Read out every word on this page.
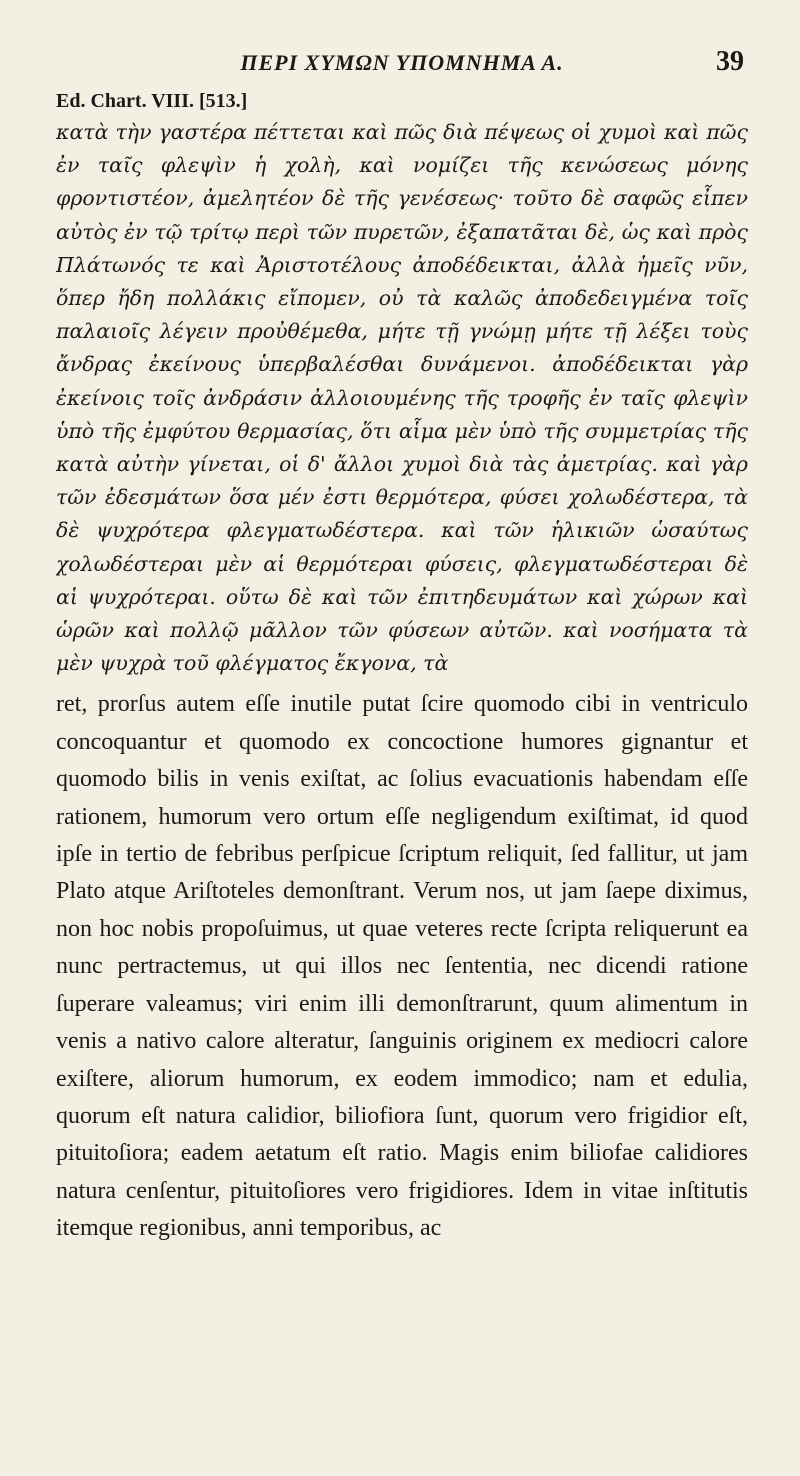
ΠΕΡΙ ΧΥΜΩΝ ΥΠΟΜΝΗΜΑ Α.	39
Ed. Chart. VIII. [513.]

κατὰ τὴν γαστέρα πέττεται καὶ πῶς διὰ πέψεως οἱ χυμοὶ καὶ πῶς ἐν ταῖς φλεψὶν ἡ χολὴ, καὶ νομίζει τῆς κενώσεως μόνης φροντιστέον, ἀμελητέον δὲ τῆς γενέσεως· τοῦτο δὲ σαφῶς εἶπεν αὐτὸς ἐν τῷ τρίτῳ περὶ τῶν πυρετῶν, ἐξαπατᾶται δὲ, ὡς καὶ πρὸς Πλάτωνός τε καὶ Ἀριστοτέλους ἀποδέδεικται, ἀλλὰ ἡμεῖς νῦν, ὅπερ ἤδη πολλάκις εἴπομεν, οὐ τὰ καλῶς ἀποδεδειγμένα τοῖς παλαιοῖς λέγειν προὐθέμεθα, μήτε τῇ γνώμῃ μήτε τῇ λέξει τοὺς ἄνδρας ἐκείνους ὑπερβαλέσθαι δυνάμενοι. ἀποδέδεικται γὰρ ἐκείνοις τοῖς ἀνδράσιν ἀλλοιουμένης τῆς τροφῆς ἐν ταῖς φλεψὶν ὑπὸ τῆς ἐμφύτου θερμασίας, ὅτι αἷμα μὲν ὑπὸ τῆς συμμετρίας τῆς κατὰ αὐτὴν γίνεται, οἱ δ' ἄλλοι χυμοὶ διὰ τὰς ἀμετρίας. καὶ γὰρ τῶν ἐδεσμάτων ὅσα μέν ἐστι θερμότερα, φύσει χολωδέστερα, τὰ δὲ ψυχρότερα φλεγματωδέστερα. καὶ τῶν ἡλικιῶν ὡσαύτως χολωδέστεραι μὲν αἱ θερμότεραι φύσεις, φλεγματωδέστεραι δὲ αἱ ψυχρότεραι. οὕτω δὲ καὶ τῶν ἐπιτηδευμάτων καὶ χώρων καὶ ὡρῶν καὶ πολλῷ μᾶλλον τῶν φύσεων αὐτῶν. καὶ νοσήματα τὰ μὲν ψυχρὰ τοῦ φλέγματος ἔκγονα, τὰ

ret, prorſus autem eſſe inutile putat ſcire quomodo cibi in ventriculo concoquantur et quomodo ex concoctione humores gignantur et quomodo bilis in venis exiſtat, ac ſolius evacuationis habendam eſſe rationem, humorum vero ortum eſſe negligendum exiſtimat, id quod ipſe in tertio de febribus perſpicue ſcriptum reliquit, ſed fallitur, ut jam Plato atque Ariſtoteles demonſtrant. Verum nos, ut jam ſaepe diximus, non hoc nobis propoſuimus, ut quae veteres recte ſcripta reliquerunt ea nunc pertractemus, ut qui illos nec ſententia, nec dicendi ratione ſuperare valeamus; viri enim illi demonſtrarunt, quum alimentum in venis a nativo calore alteratur, ſanguinis originem ex mediocri calore exiſtere, aliorum humorum, ex eodem immodico; nam et edulia, quorum eſt natura calidior, biliofiora ſunt, quorum vero frigidior eſt, pituitoſiora; eadem aetatum eſt ratio. Magis enim biliofae calidiores natura cenſentur, pituitoſiores vero frigidiores. Idem in vitae inſtitutis itemque regionibus, anni temporibus, ac
